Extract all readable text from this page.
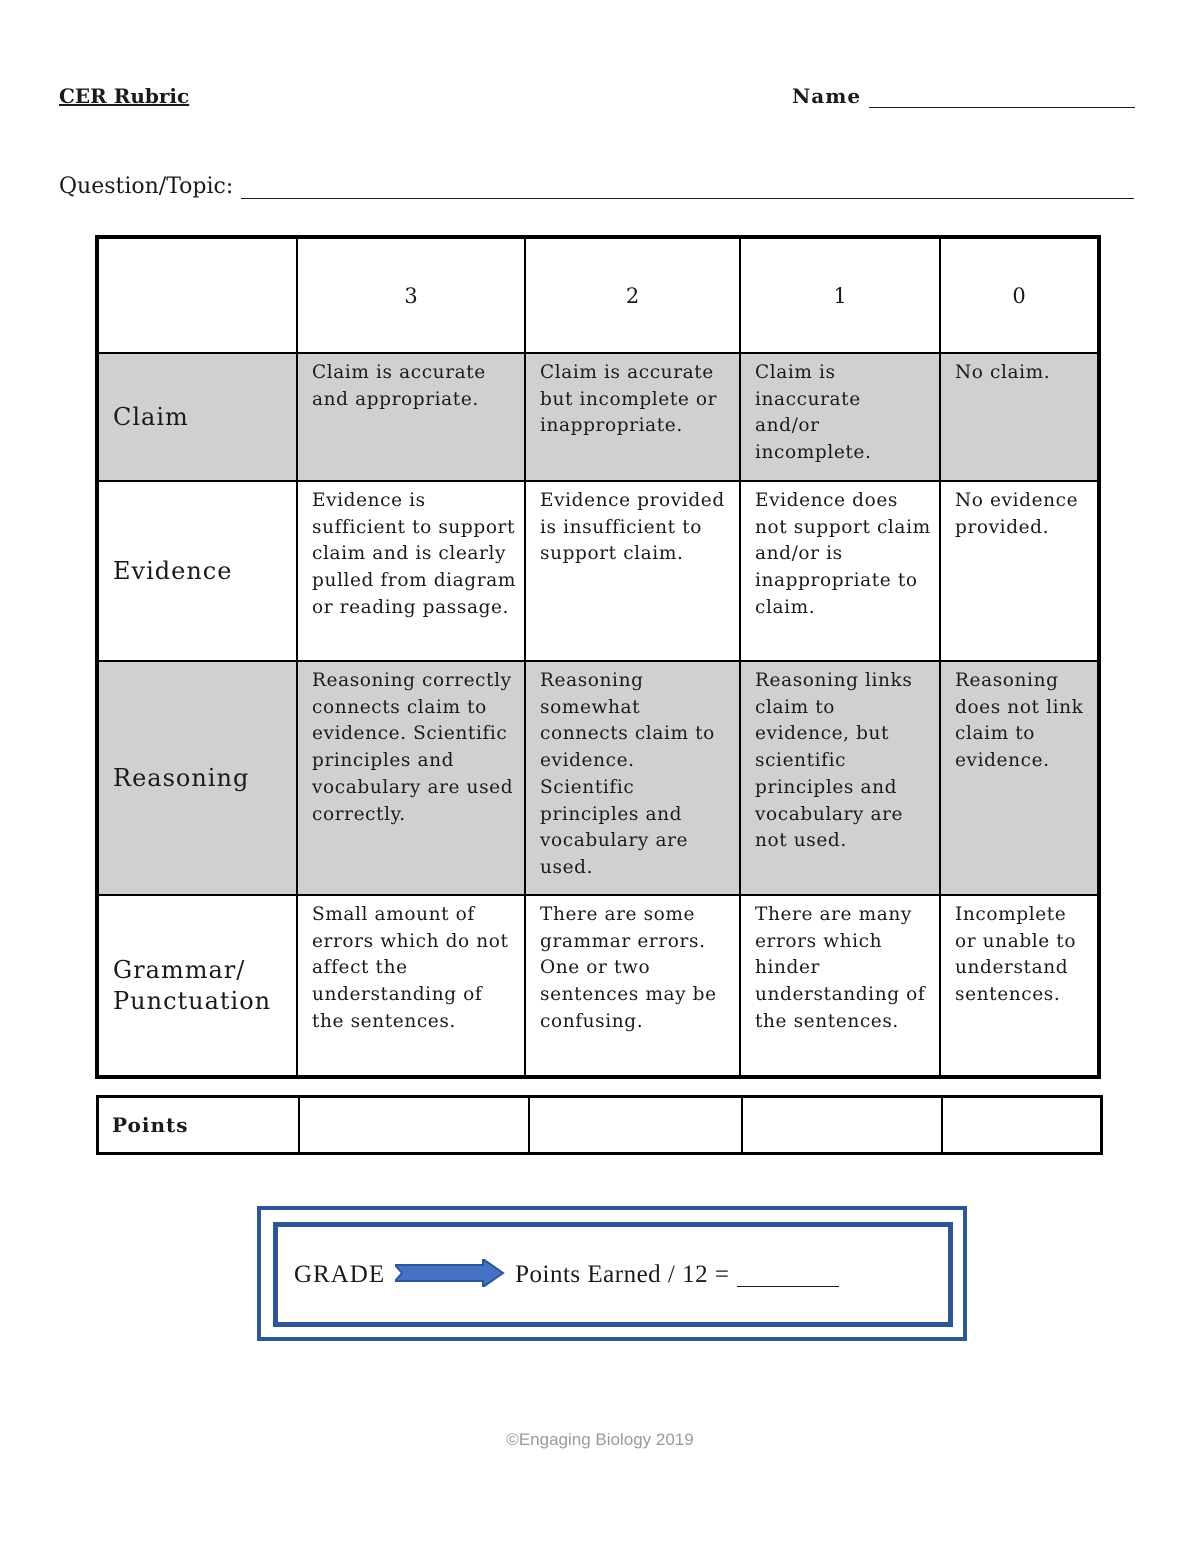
CER Rubric	Name
Question/Topic:
	3	2	1	0
Claim	Claim is accurate and appropriate.	Claim is accurate but incomplete or inappropriate.	Claim is inaccurate and/or incomplete.	No claim.
Evidence	Evidence is sufficient to support claim and is clearly pulled from diagram or reading passage.	Evidence provided is insufficient to support claim.	Evidence does not support claim and/or is inappropriate to claim.	No evidence provided.
Reasoning	Reasoning correctly connects claim to evidence. Scientific principles and vocabulary are used correctly.	Reasoning somewhat connects claim to evidence. Scientific principles and vocabulary are used.	Reasoning links claim to evidence, but scientific principles and vocabulary are not used.	Reasoning does not link claim to evidence.
Grammar/ Punctuation	Small amount of errors which do not affect the understanding of the sentences.	There are some grammar errors. One or two sentences may be confusing.	There are many errors which hinder understanding of the sentences.	Incomplete or unable to understand sentences.
Points				
GRADE	Points Earned / 12 =
©Engaging Biology 2019
